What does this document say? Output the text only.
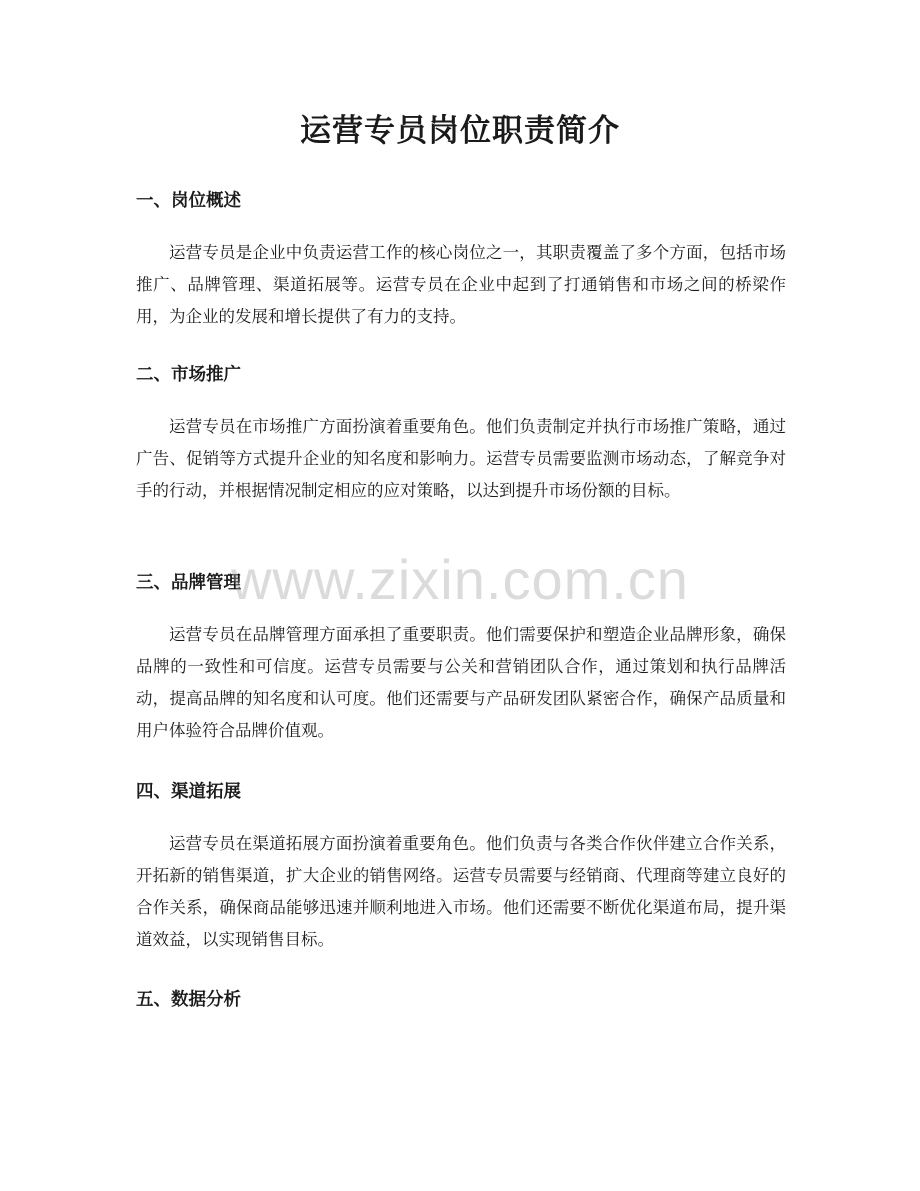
运营专员岗位职责简介
一、岗位概述

运营专员是企业中负责运营工作的核心岗位之一，其职责覆盖了多个方面，包括市场推广、品牌管理、渠道拓展等。运营专员在企业中起到了打通销售和市场之间的桥梁作用，为企业的发展和增长提供了有力的支持。

二、市场推广

运营专员在市场推广方面扮演着重要角色。他们负责制定并执行市场推广策略，通过广告、促销等方式提升企业的知名度和影响力。运营专员需要监测市场动态，了解竞争对手的行动，并根据情况制定相应的应对策略，以达到提升市场份额的目标。

三、品牌管理

运营专员在品牌管理方面承担了重要职责。他们需要保护和塑造企业品牌形象，确保品牌的一致性和可信度。运营专员需要与公关和营销团队合作，通过策划和执行品牌活动，提高品牌的知名度和认可度。他们还需要与产品研发团队紧密合作，确保产品质量和用户体验符合品牌价值观。

四、渠道拓展

运营专员在渠道拓展方面扮演着重要角色。他们负责与各类合作伙伴建立合作关系，开拓新的销售渠道，扩大企业的销售网络。运营专员需要与经销商、代理商等建立良好的合作关系，确保商品能够迅速并顺利地进入市场。他们还需要不断优化渠道布局，提升渠道效益，以实现销售目标。

五、数据分析
www.zixin.com.cn
